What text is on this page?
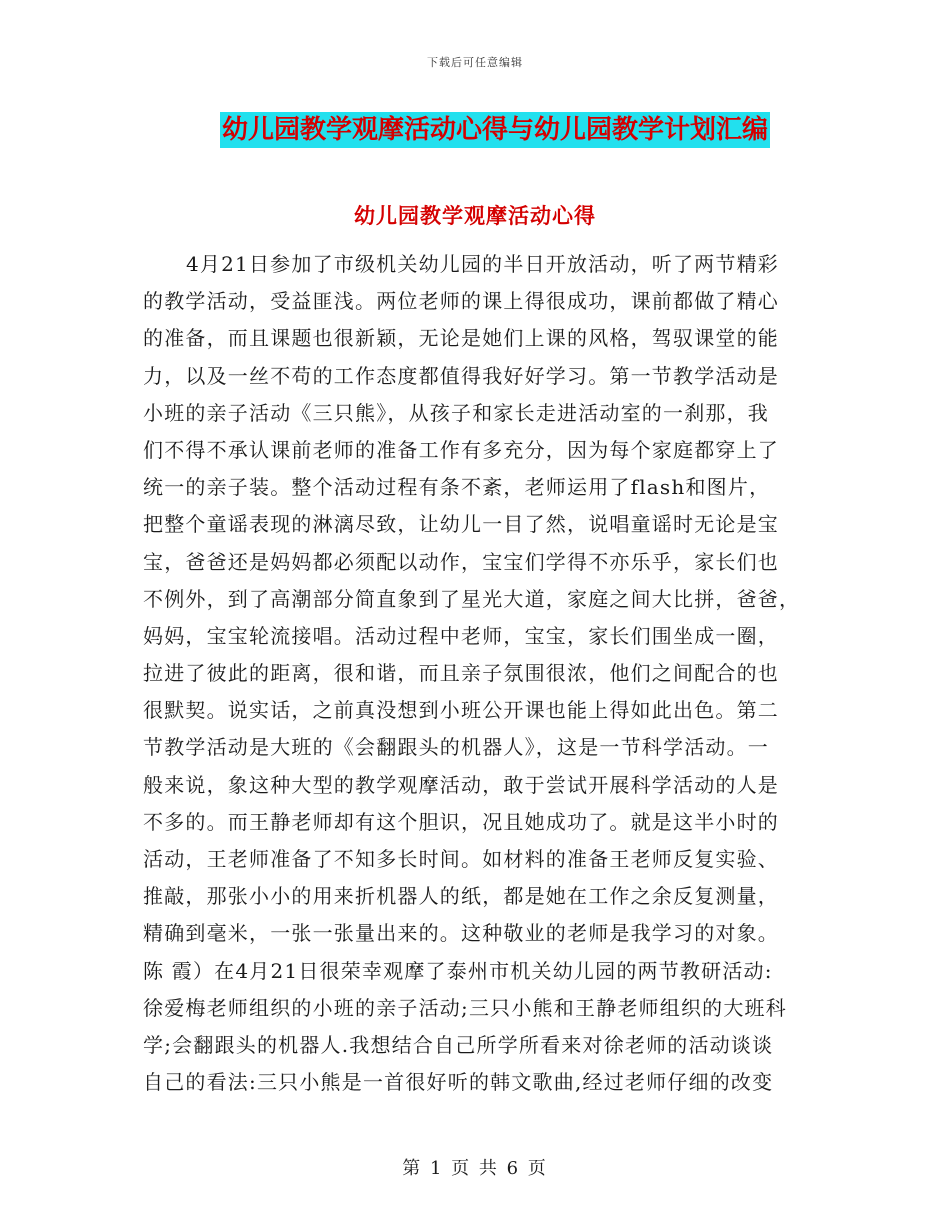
下载后可任意编辑
幼儿园教学观摩活动心得与幼儿园教学计划汇编
幼儿园教学观摩活动心得
4月21日参加了市级机关幼儿园的半日开放活动，听了两节精彩
的教学活动，受益匪浅。两位老师的课上得很成功，课前都做了精心
的准备，而且课题也很新颖，无论是她们上课的风格，驾驭课堂的能
力，以及一丝不苟的工作态度都值得我好好学习。第一节教学活动是
小班的亲子活动《三只熊》，从孩子和家长走进活动室的一刹那，我
们不得不承认课前老师的准备工作有多充分，因为每个家庭都穿上了
统一的亲子装。整个活动过程有条不紊，老师运用了flash和图片，
把整个童谣表现的淋漓尽致，让幼儿一目了然，说唱童谣时无论是宝
宝，爸爸还是妈妈都必须配以动作，宝宝们学得不亦乐乎，家长们也
不例外，到了高潮部分简直象到了星光大道，家庭之间大比拼，爸爸，
妈妈，宝宝轮流接唱。活动过程中老师，宝宝，家长们围坐成一圈，
拉进了彼此的距离，很和谐，而且亲子氛围很浓，他们之间配合的也
很默契。说实话，之前真没想到小班公开课也能上得如此出色。第二
节教学活动是大班的《会翻跟头的机器人》，这是一节科学活动。一
般来说，象这种大型的教学观摩活动，敢于尝试开展科学活动的人是
不多的。而王静老师却有这个胆识，况且她成功了。就是这半小时的
活动，王老师准备了不知多长时间。如材料的准备王老师反复实验、
推敲，那张小小的用来折机器人的纸，都是她在工作之余反复测量，
精确到毫米，一张一张量出来的。这种敬业的老师是我学习的对象。
陈 霞）在4月21日很荣幸观摩了泰州市机关幼儿园的两节教研活动:
徐爱梅老师组织的小班的亲子活动;三只小熊和王静老师组织的大班科
学;会翻跟头的机器人.我想结合自己所学所看来对徐老师的活动谈谈
自己的看法:三只小熊是一首很好听的韩文歌曲,经过老师仔细的改变
第 1 页 共 6 页
